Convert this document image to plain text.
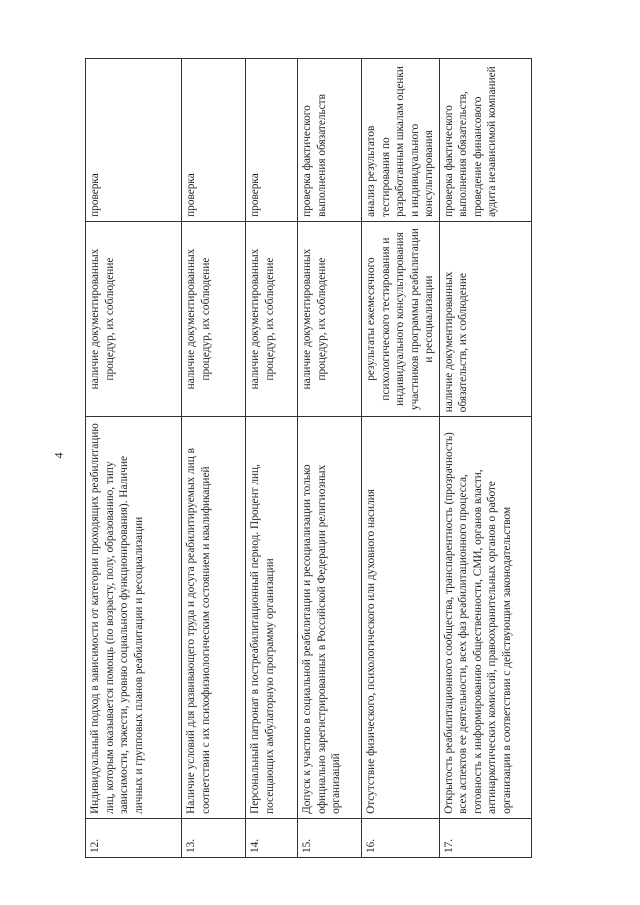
4
12.	Индивидуальный подход в зависимости от категории проходящих реабилитацию лиц, которым оказывается помощь (по возрасту, полу, образованию, типу зависимости, тяжести, уровню социального функционирования). Наличие личных и групповых планов реабилитации и ресоциализации	наличие документированных процедур, их соблюдение	проверка
13.	Наличие условий для развивающего труда и досуга реабилитируемых лиц в соответствии с их психофизиологическим состоянием и квалификацией	наличие документированных процедур, их соблюдение	проверка
14.	Персональный патронат в постреабилитационный период. Процент лиц, посещающих амбулаторную программу организации	наличие документированных процедур, их соблюдение	проверка
15.	Допуск к участию в социальной реабилитации и ресоциализации только официально зарегистрированных в Российской Федерации религиозных организаций	наличие документированных процедур, их соблюдение	проверка фактического выполнения обязательств
16.	Отсутствие физического, психологического или духовного насилия	результаты ежемесячного психологического тестирования и индивидуального консультирования участников программы реабилитации и ресоциализации	анализ результатов тестирования по разработанным шкалам оценки и индивидуального консультирования
17.	Открытость реабилитационного сообщества, транспарентность (прозрачность) всех аспектов ее деятельности, всех фаз реабилитационного процесса, готовность к информированию общественности, СМИ, органов власти, антинаркотических комиссий, правоохранительных органов о работе организации в соответствии с действующим законодательством	наличие документированных обязательств, их соблюдение	проверка фактического выполнения обязательств, проведение финансового аудита независимой компанией
